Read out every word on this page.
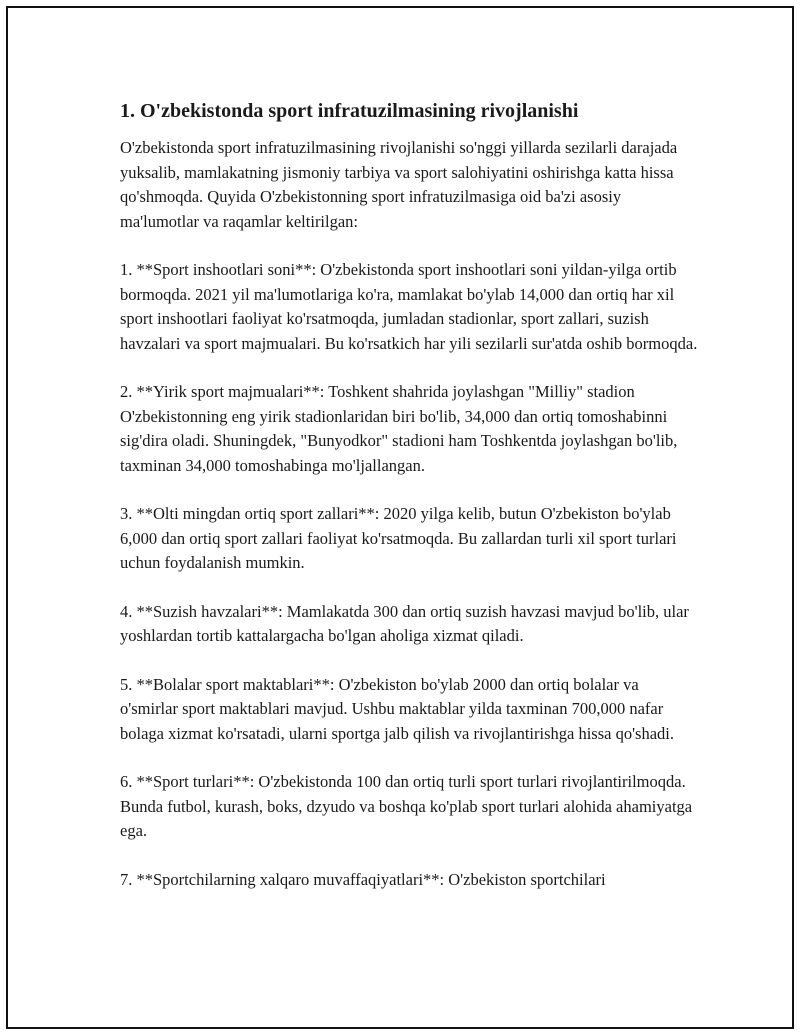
1. O'zbekistonda sport infratuzilmasining rivojlanishi

O'zbekistonda sport infratuzilmasining rivojlanishi so'nggi yillarda sezilarli darajada yuksalib, mamlakatning jismoniy tarbiya va sport salohiyatini oshirishga katta hissa qo'shmoqda. Quyida O'zbekistonning sport infratuzilmasiga oid ba'zi asosiy ma'lumotlar va raqamlar keltirilgan:

1. **Sport inshootlari soni**: O'zbekistonda sport inshootlari soni yildan-yilga ortib bormoqda. 2021 yil ma'lumotlariga ko'ra, mamlakat bo'ylab 14,000 dan ortiq har xil sport inshootlari faoliyat ko'rsatmoqda, jumladan stadionlar, sport zallari, suzish havzalari va sport majmualari. Bu ko'rsatkich har yili sezilarli sur'atda oshib bormoqda.

2. **Yirik sport majmualari**: Toshkent shahrida joylashgan "Milliy" stadion O'zbekistonning eng yirik stadionlaridan biri bo'lib, 34,000 dan ortiq tomoshabinni sig'dira oladi. Shuningdek, "Bunyodkor" stadioni ham Toshkentda joylashgan bo'lib, taxminan 34,000 tomoshabinga mo'ljallangan.

3. **Olti mingdan ortiq sport zallari**: 2020 yilga kelib, butun O'zbekiston bo'ylab 6,000 dan ortiq sport zallari faoliyat ko'rsatmoqda. Bu zallardan turli xil sport turlari uchun foydalanish mumkin.

4. **Suzish havzalari**: Mamlakatda 300 dan ortiq suzish havzasi mavjud bo'lib, ular yoshlardan tortib kattalargacha bo'lgan aholiga xizmat qiladi.

5. **Bolalar sport maktablari**: O'zbekiston bo'ylab 2000 dan ortiq bolalar va o'smirlar sport maktablari mavjud. Ushbu maktablar yilda taxminan 700,000 nafar bolaga xizmat ko'rsatadi, ularni sportga jalb qilish va rivojlantirishga hissa qo'shadi.

6. **Sport turlari**: O'zbekistonda 100 dan ortiq turli sport turlari rivojlantirilmoqda. Bunda futbol, kurash, boks, dzyudo va boshqa ko'plab sport turlari alohida ahamiyatga ega.

7. **Sportchilarning xalqaro muvaffaqiyatlari**: O'zbekiston sportchilari
